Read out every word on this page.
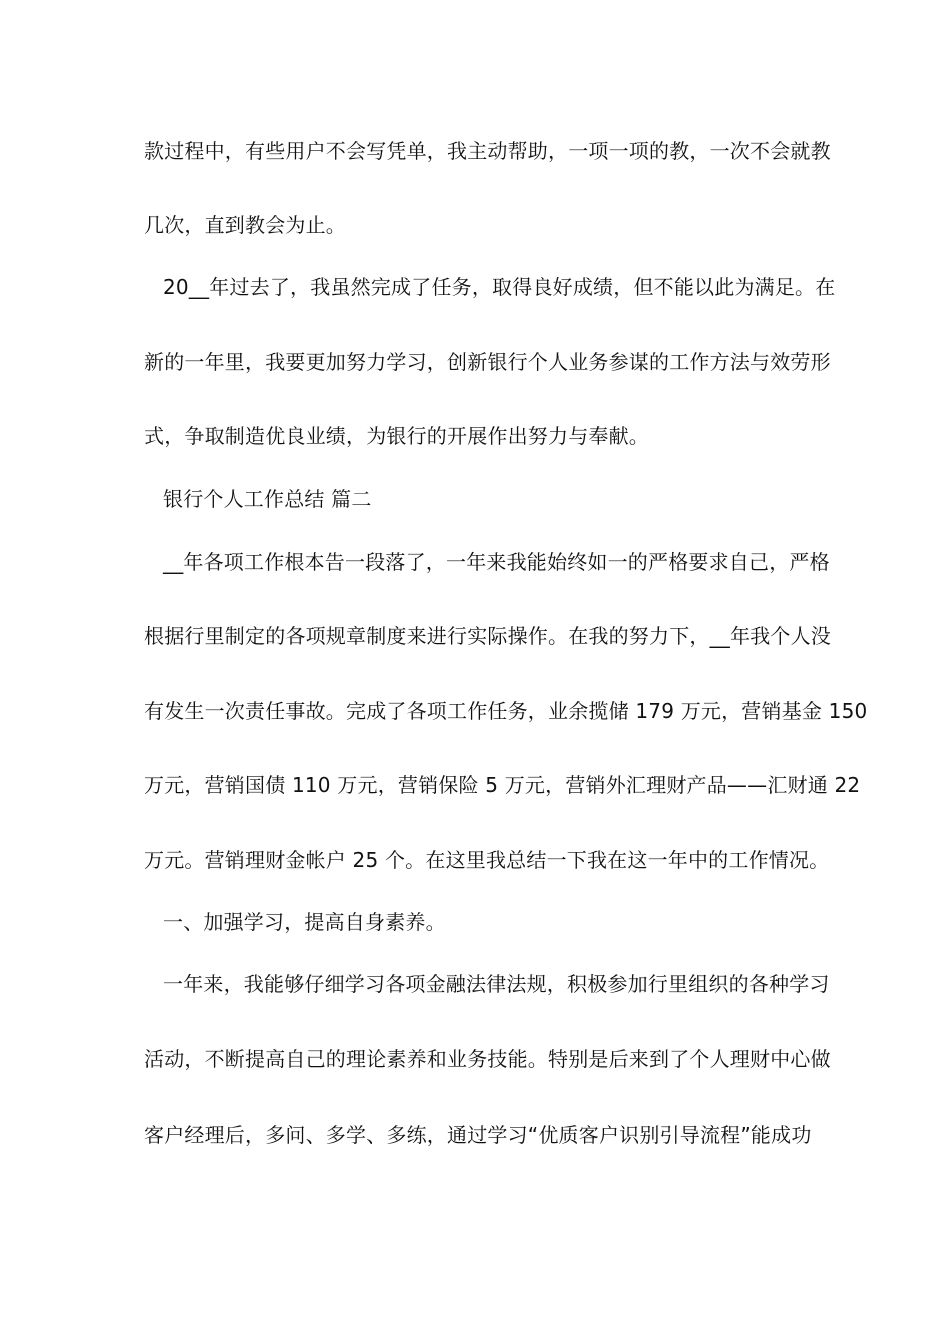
款过程中，有些用户不会写凭单，我主动帮助，一项一项的教，一次不会就教
几次，直到教会为止。
20__年过去了，我虽然完成了任务，取得良好成绩，但不能以此为满足。在
新的一年里，我要更加努力学习，创新银行个人业务参谋的工作方法与效劳形
式，争取制造优良业绩，为银行的开展作出努力与奉献。
银行个人工作总结 篇二
__年各项工作根本告一段落了，一年来我能始终如一的严格要求自己，严格
根据行里制定的各项规章制度来进行实际操作。在我的努力下，__年我个人没
有发生一次责任事故。完成了各项工作任务，业余揽储 179 万元，营销基金 150
万元，营销国债 110 万元，营销保险 5 万元，营销外汇理财产品——汇财通 22
万元。营销理财金帐户 25 个。在这里我总结一下我在这一年中的工作情况。
一、加强学习，提高自身素养。
一年来，我能够仔细学习各项金融法律法规，积极参加行里组织的各种学习
活动，不断提高自己的理论素养和业务技能。特别是后来到了个人理财中心做
客户经理后，多问、多学、多练，通过学习“优质客户识别引导流程”能成功
